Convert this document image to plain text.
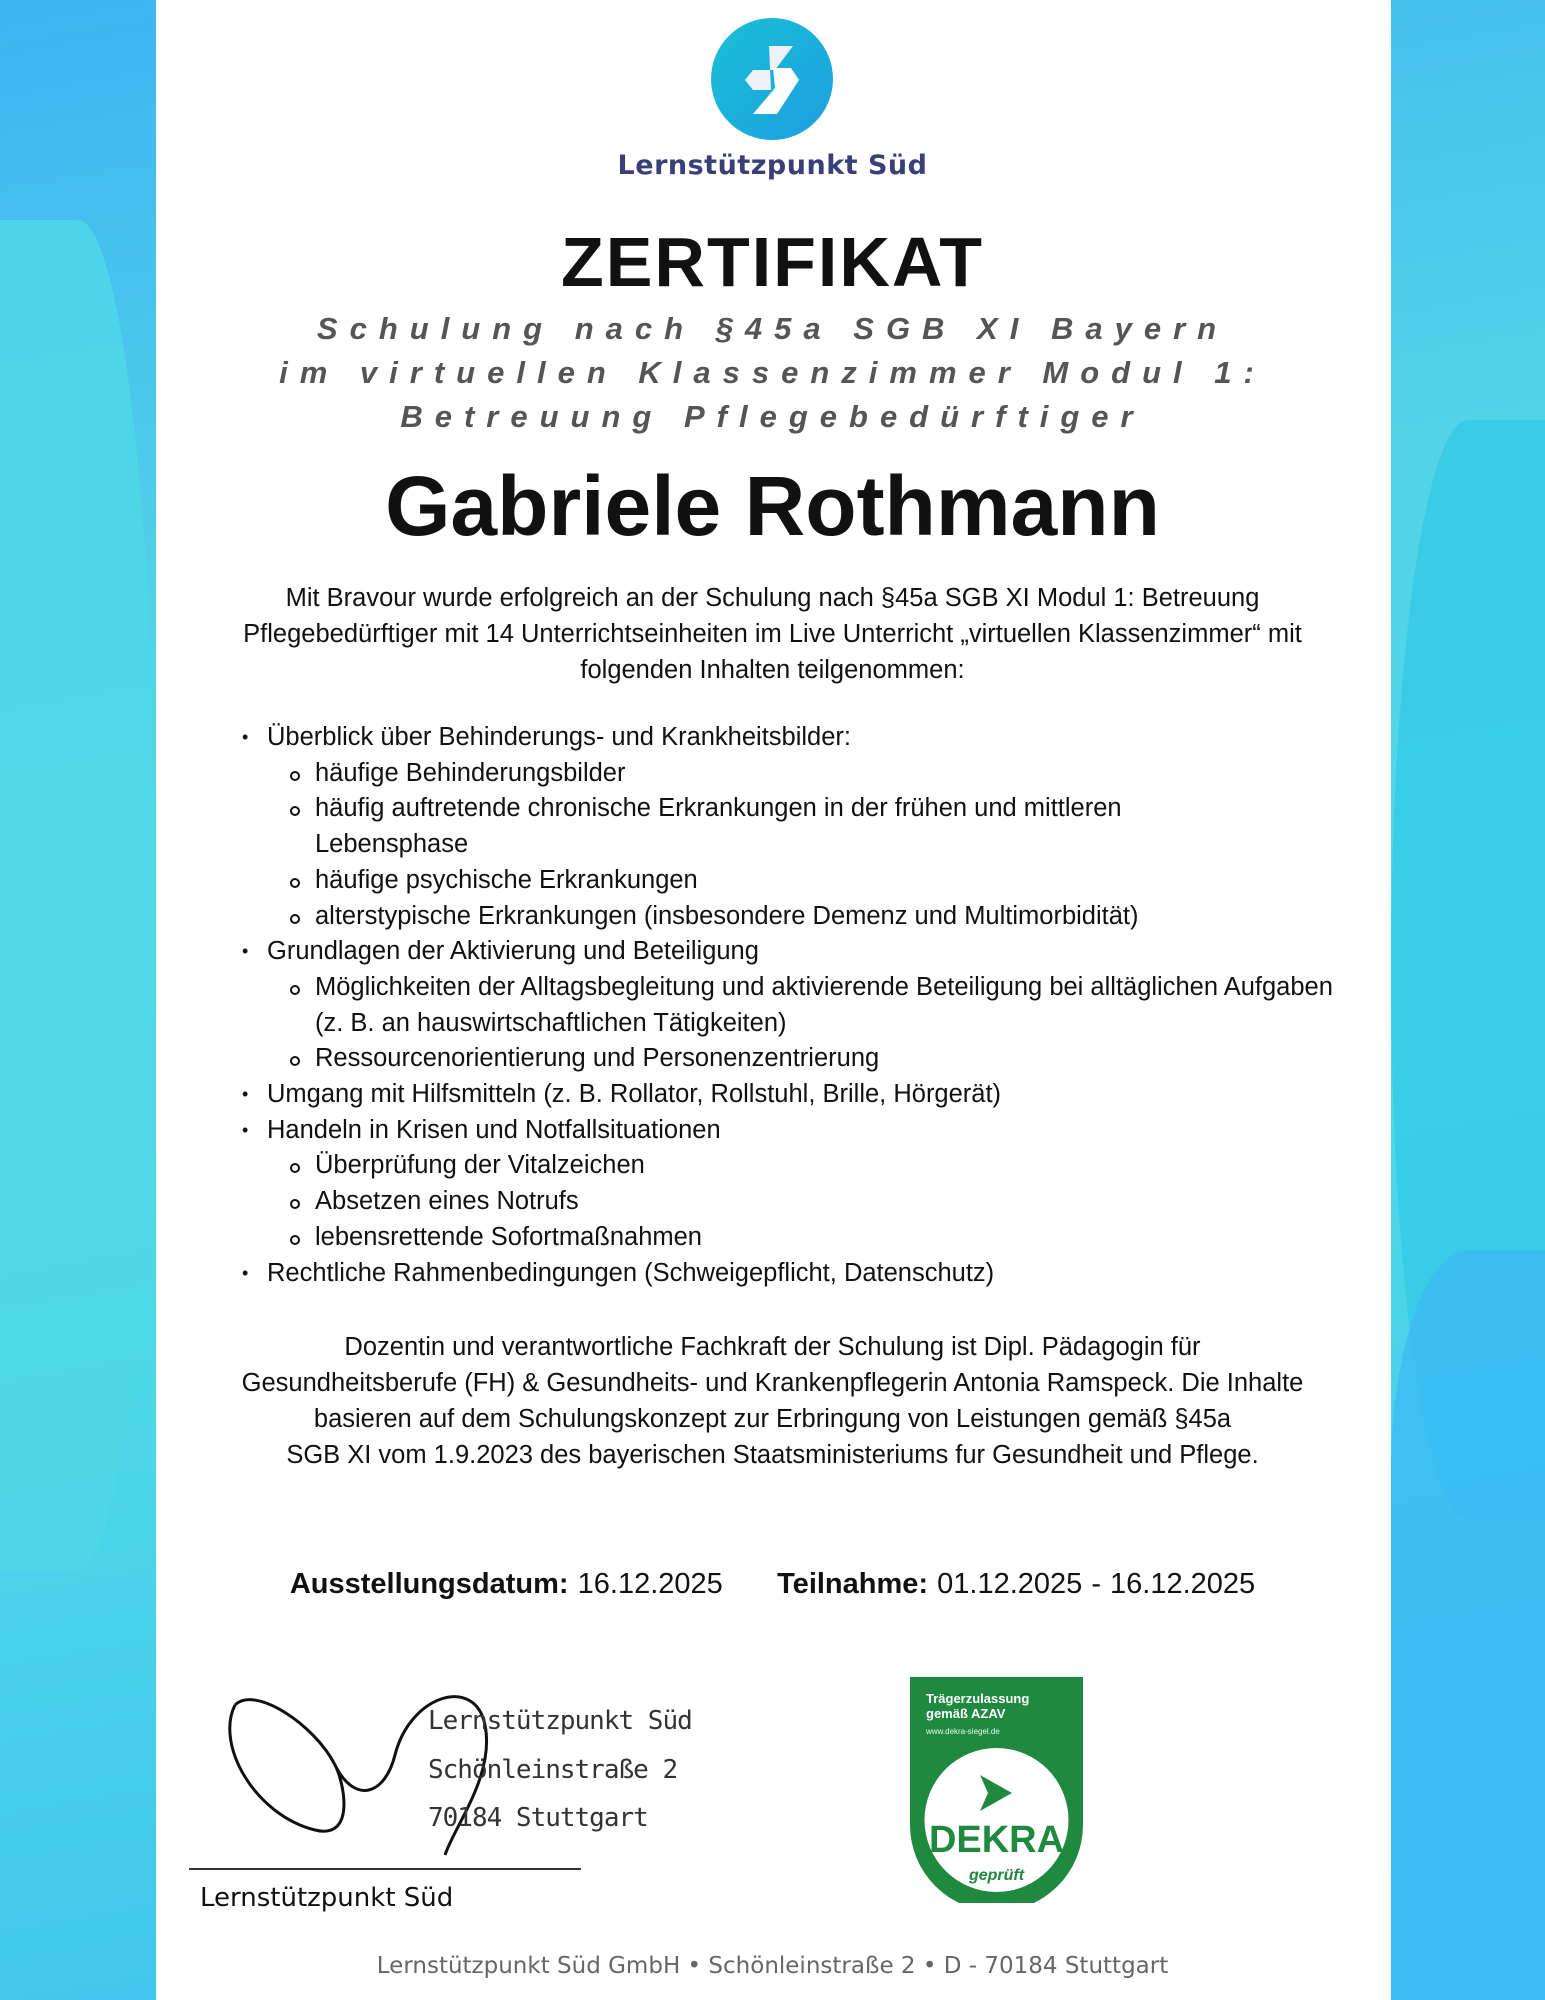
Lernstützpunkt Süd
ZERTIFIKAT
Schulung nach §45a SGB XI Bayern
im virtuellen Klassenzimmer Modul 1:
Betreuung Pflegebedürftiger
Gabriele Rothmann
Mit Bravour wurde erfolgreich an der Schulung nach §45a SGB XI Modul 1: Betreuung
Pflegebedürftiger mit 14 Unterrichtseinheiten im Live Unterricht „virtuellen Klassenzimmer“ mit
folgenden Inhalten teilgenommen:
• Überblick über Behinderungs- und Krankheitsbilder:
häufige Behinderungsbilder
häufig auftretende chronische Erkrankungen in der frühen und mittleren Lebensphase
häufige psychische Erkrankungen
alterstypische Erkrankungen (insbesondere Demenz und Multimorbidität)
• Grundlagen der Aktivierung und Beteiligung
Möglichkeiten der Alltagsbegleitung und aktivierende Beteiligung bei alltäglichen Aufgaben (z. B. an hauswirtschaftlichen Tätigkeiten)
Ressourcenorientierung und Personenzentrierung
• Umgang mit Hilfsmitteln (z. B. Rollator, Rollstuhl, Brille, Hörgerät)
• Handeln in Krisen und Notfallsituationen
Überprüfung der Vitalzeichen
Absetzen eines Notrufs
lebensrettende Sofortmaßnahmen
• Rechtliche Rahmenbedingungen (Schweigepflicht, Datenschutz)
Dozentin und verantwortliche Fachkraft der Schulung ist Dipl. Pädagogin für
Gesundheitsberufe (FH) & Gesundheits- und Krankenpflegerin Antonia Ramspeck. Die Inhalte
basieren auf dem Schulungskonzept zur Erbringung von Leistungen gemäß §45a
SGB XI vom 1.9.2023 des bayerischen Staatsministeriums fur Gesundheit und Pflege.
Ausstellungsdatum: 16.12.2025 Teilnahme: 01.12.2025 - 16.12.2025
Lernstützpunkt Süd
Schönleinstraße 2
70184 Stuttgart
Lernstützpunkt Süd
Trägerzulassung
gemäß AZAV
www.dekra-siegel.de
DEKRA
geprüft
Lernstützpunkt Süd GmbH • Schönleinstraße 2 • D - 70184 Stuttgart
